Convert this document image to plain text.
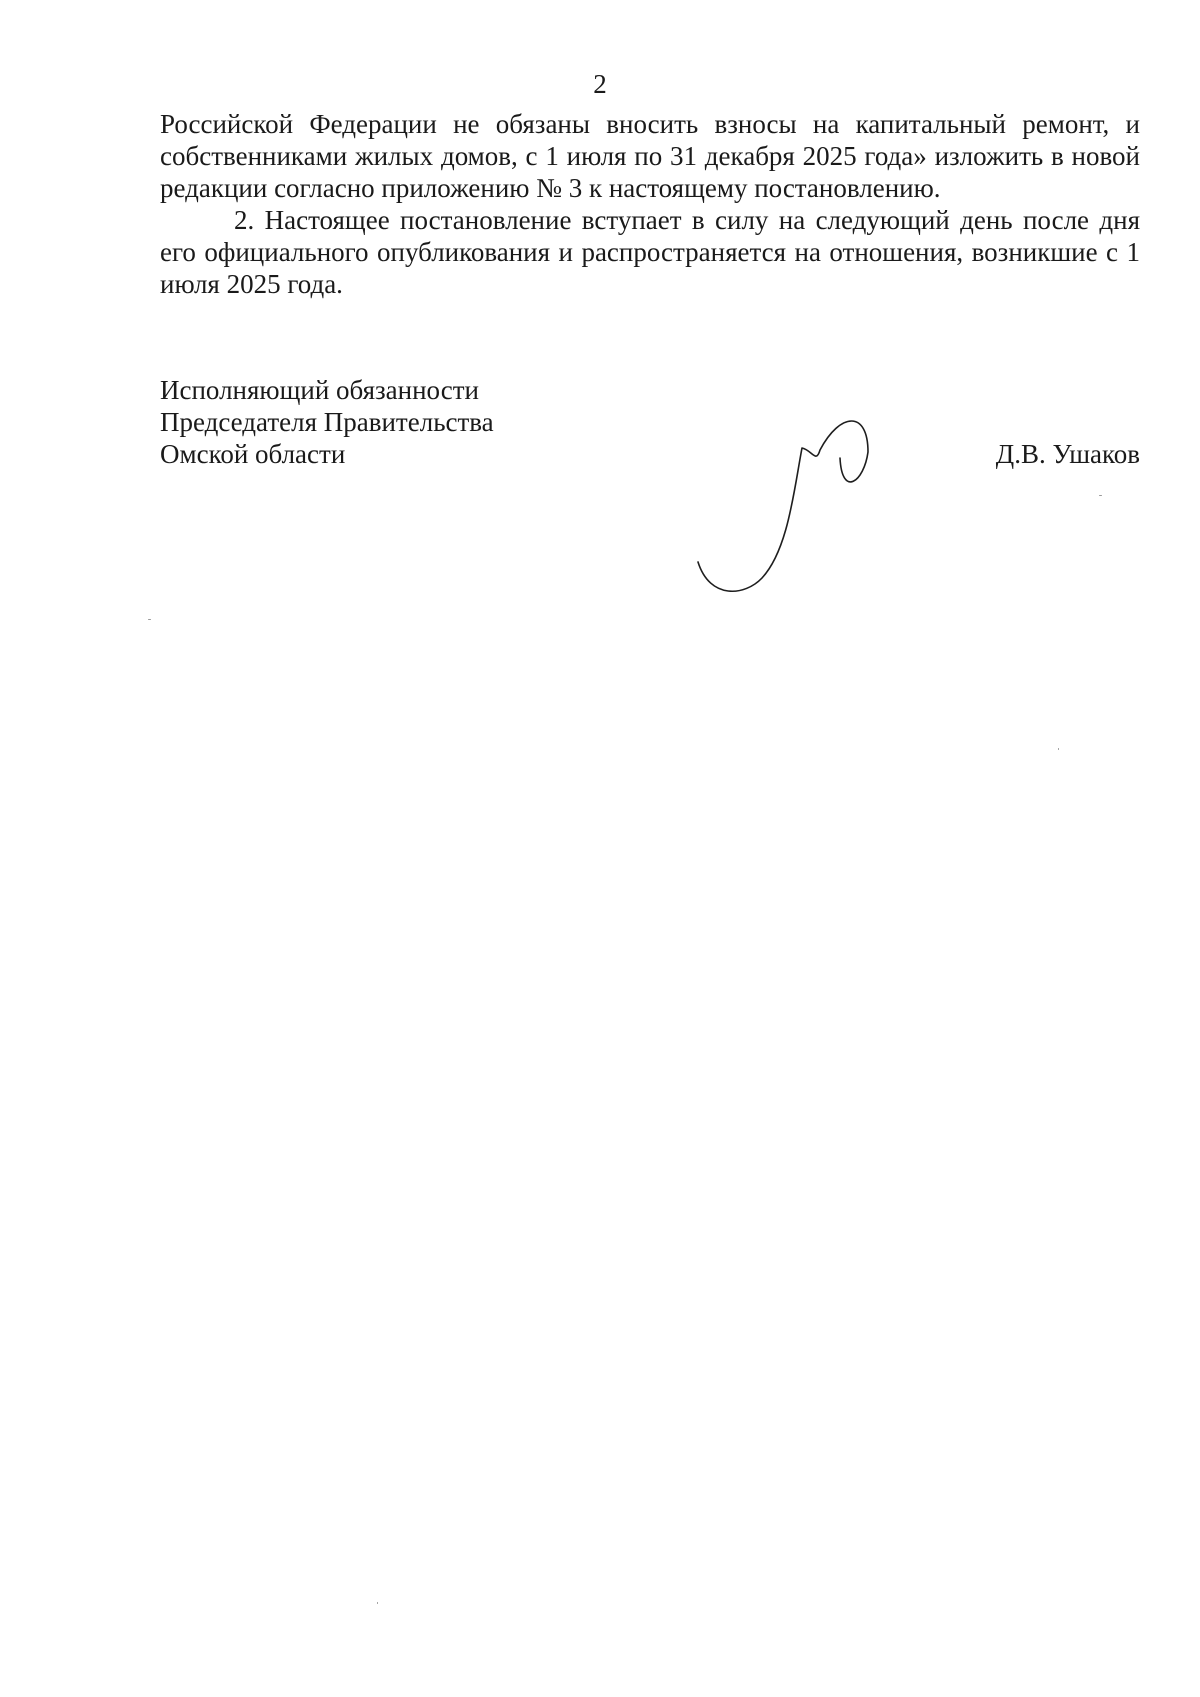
2

Российской Федерации не обязаны вносить взносы на капитальный ремонт, и собственниками жилых домов, с 1 июля по 31 декабря 2025 года» изложить в новой редакции согласно приложению № 3 к настоящему постановлению.

2. Настоящее постановление вступает в силу на следующий день после дня его официального опубликования и распространяется на отношения, возникшие с 1 июля 2025 года.

Исполняющий обязанности
Председателя Правительства
Омской области	Д.В. Ушаков
